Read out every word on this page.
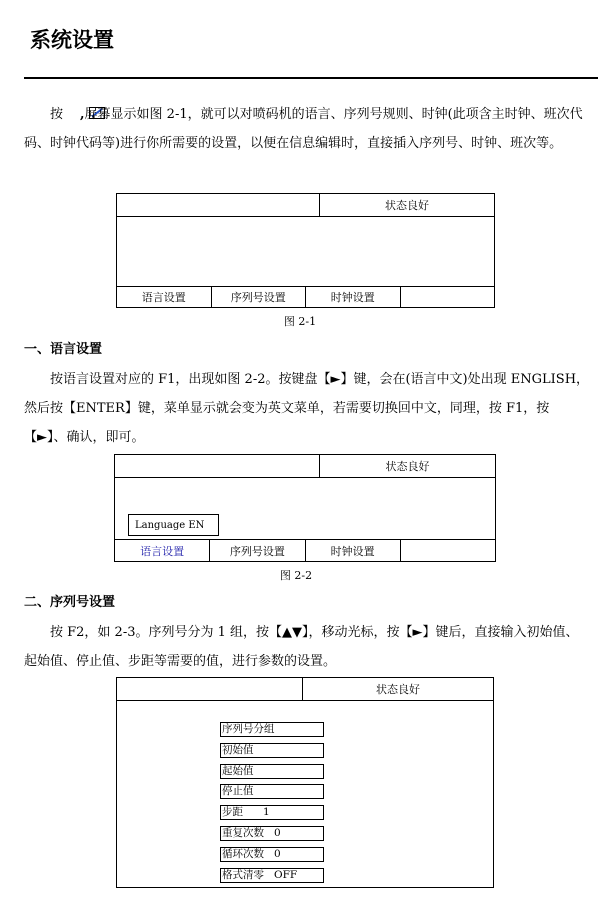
系统设置

按 ,屏幕显示如图 2-1，就可以对喷码机的语言、序列号规则、时钟(此项含主时钟、班次代码、时钟代码等)进行你所需要的设置，以便在信息编辑时，直接插入序列号、时钟、班次等。

状态良好
语言设置	序列号设置	时钟设置
图 2-1
一、语言设置

按语言设置对应的 F1，出现如图 2-2。按键盘【►】键，会在(语言中文)处出现 ENGLISH，然后按【ENTER】键，菜单显示就会变为英文菜单，若需要切换回中文，同理，按 F1，按【►】、确认，即可。

状态良好
Language EN
语言设置	序列号设置	时钟设置
图 2-2
二、序列号设置

按 F2，如 2-3。序列号分为 1 组，按【▲▼】，移动光标，按【►】键后，直接输入初始值、起始值、停止值、步距等需要的值，进行参数的设置。

状态良好
序列号分组
初始值
起始值
停止值
步距      1
重复次数   0
循环次数   0
格式清零   OFF
